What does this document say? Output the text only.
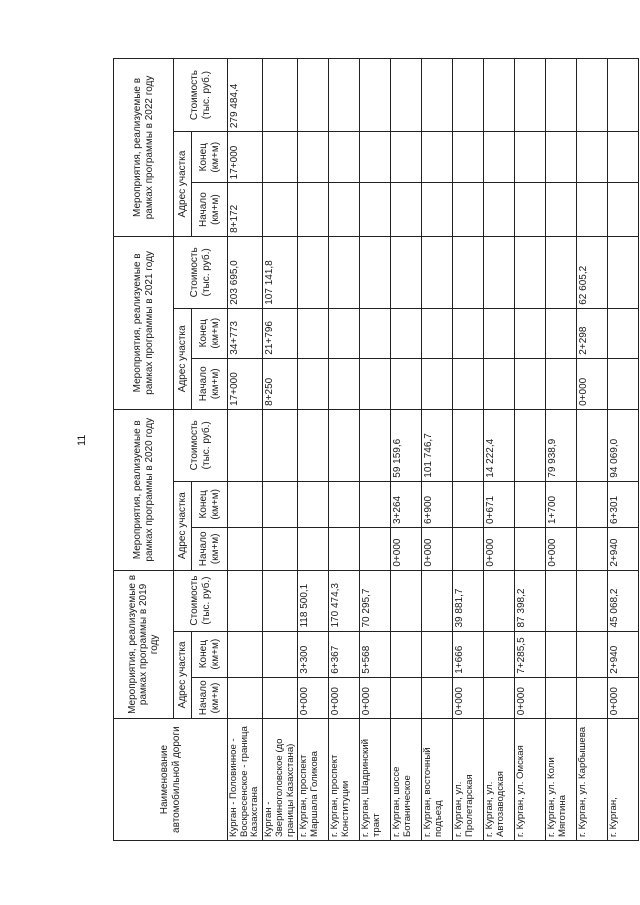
11
Наименование автомобильной дороги	Мероприятия, реализуемые в рамках программы в 2019 году			Мероприятия, реализуемые в рамках программы в 2020 году			Мероприятия, реализуемые в рамках программы в 2021 году			Мероприятия, реализуемые в рамках программы в 2022 году		
	Адрес участка		Стоимость (тыс. руб.)	Адрес участка		Стоимость (тыс. руб.)	Адрес участка		Стоимость (тыс. руб.)	Адрес участка		Стоимость (тыс. руб.)
	Начало (км+м)	Конец (км+м)		Начало (км+м)	Конец (км+м)		Начало (км+м)	Конец (км+м)		Начало (км+м)	Конец (км+м)	
Курган - Половинное - Воскресенское - граница Казахстана							17+000	34+773	203 695,0	8+172	17+000	279 484,4
Курган - Звериноголовское (до границы Казахстана)							8+250	21+796	107 141,8			
г. Курган, проспект Маршала Голикова	0+000	3+300	118 500,1									
г. Курган, проспект Конституции	0+000	6+367	170 474,3									
г. Курган, Шадринский тракт	0+000	5+568	70 295,7									
г. Курган, шоссе Ботаническое				0+000	3+264	59 159,6						
г. Курган, восточный подъезд				0+000	6+900	101 746,7						
г. Курган, ул. Пролетарская	0+000	1+666	39 881,7									
г. Курган, ул. Автозаводская				0+000	0+671	14 222,4						
г. Курган, ул. Омская	0+000	7+285,5	87 398,2									
г. Курган, ул. Коли Мяготина				0+000	1+700	79 938,9						
г. Курган, ул. Карбышева							0+000	2+298	62 605,2			
г. Курган,	0+000	2+940	45 068,2	2+940	6+301	94 069,0						
